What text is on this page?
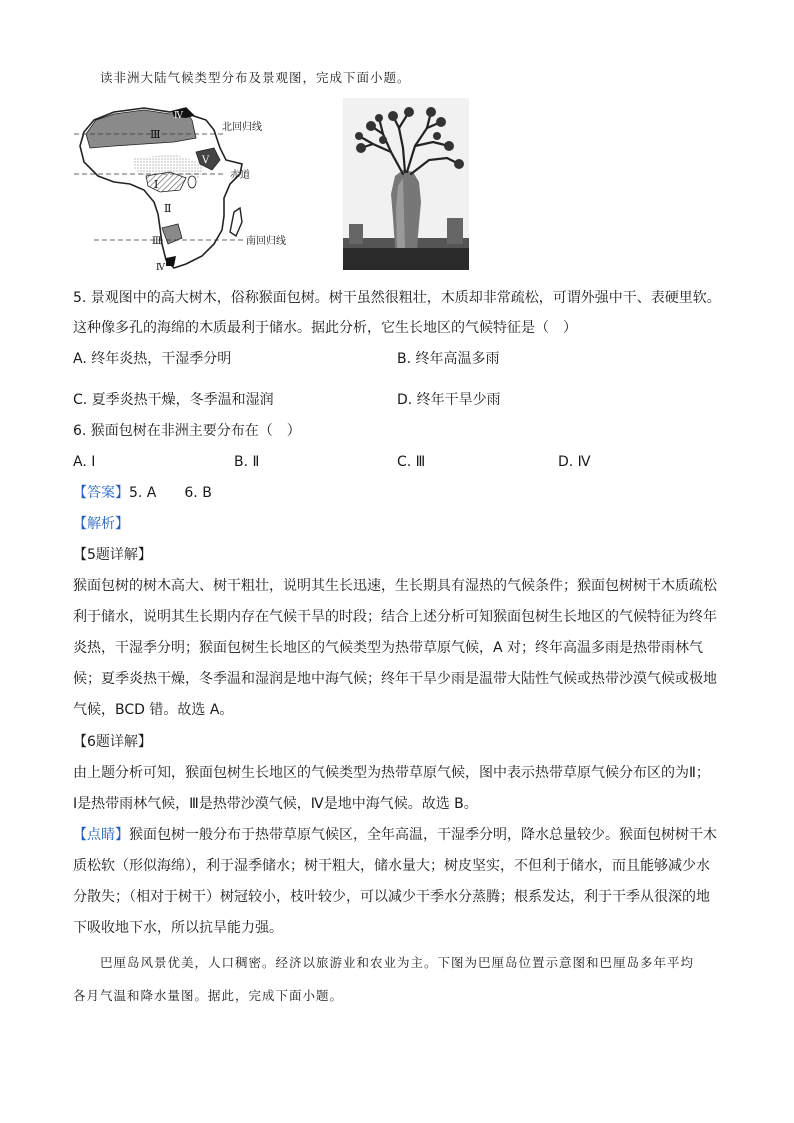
读非洲大陆气候类型分布及景观图，完成下面小题。
北回归线
赤道
南回归线
Ⅲ
Ⅳ
Ⅴ
Ⅰ
Ⅱ
Ⅲ
Ⅳ
5. 景观图中的高大树木，俗称猴面包树。树干虽然很粗壮，木质却非常疏松，可谓外强中干、表硬里软。
这种像多孔的海绵的木质最利于储水。据此分析，它生长地区的气候特征是（　）
A. 终年炎热，干湿季分明	B. 终年高温多雨
C. 夏季炎热干燥，冬季温和湿润	D. 终年干旱少雨
6. 猴面包树在非洲主要分布在（　）
A. Ⅰ	B. Ⅱ	C. Ⅲ	D. Ⅳ
【答案】5. A　　6. B
【解析】
【5题详解】
猴面包树的树木高大、树干粗壮，说明其生长迅速，生长期具有湿热的气候条件；猴面包树树干木质疏松
利于储水，说明其生长期内存在气候干旱的时段；结合上述分析可知猴面包树生长地区的气候特征为终年
炎热，干湿季分明；猴面包树生长地区的气候类型为热带草原气候，A 对；终年高温多雨是热带雨林气
候；夏季炎热干燥，冬季温和湿润是地中海气候；终年干旱少雨是温带大陆性气候或热带沙漠气候或极地
气候，BCD 错。故选 A。
【6题详解】
由上题分析可知，猴面包树生长地区的气候类型为热带草原气候，图中表示热带草原气候分布区的为Ⅱ；
Ⅰ是热带雨林气候，Ⅲ是热带沙漠气候，Ⅳ是地中海气候。故选 B。
【点睛】猴面包树一般分布于热带草原气候区，全年高温，干湿季分明，降水总量较少。猴面包树树干木
质松软（形似海绵），利于湿季储水；树干粗大，储水量大；树皮坚实，不但利于储水，而且能够减少水
分散失；（相对于树干）树冠较小，枝叶较少，可以减少干季水分蒸腾；根系发达，利于干季从很深的地
下吸收地下水，所以抗旱能力强。
巴厘岛风景优美，人口稠密。经济以旅游业和农业为主。下图为巴厘岛位置示意图和巴厘岛多年平均
各月气温和降水量图。据此，完成下面小题。
